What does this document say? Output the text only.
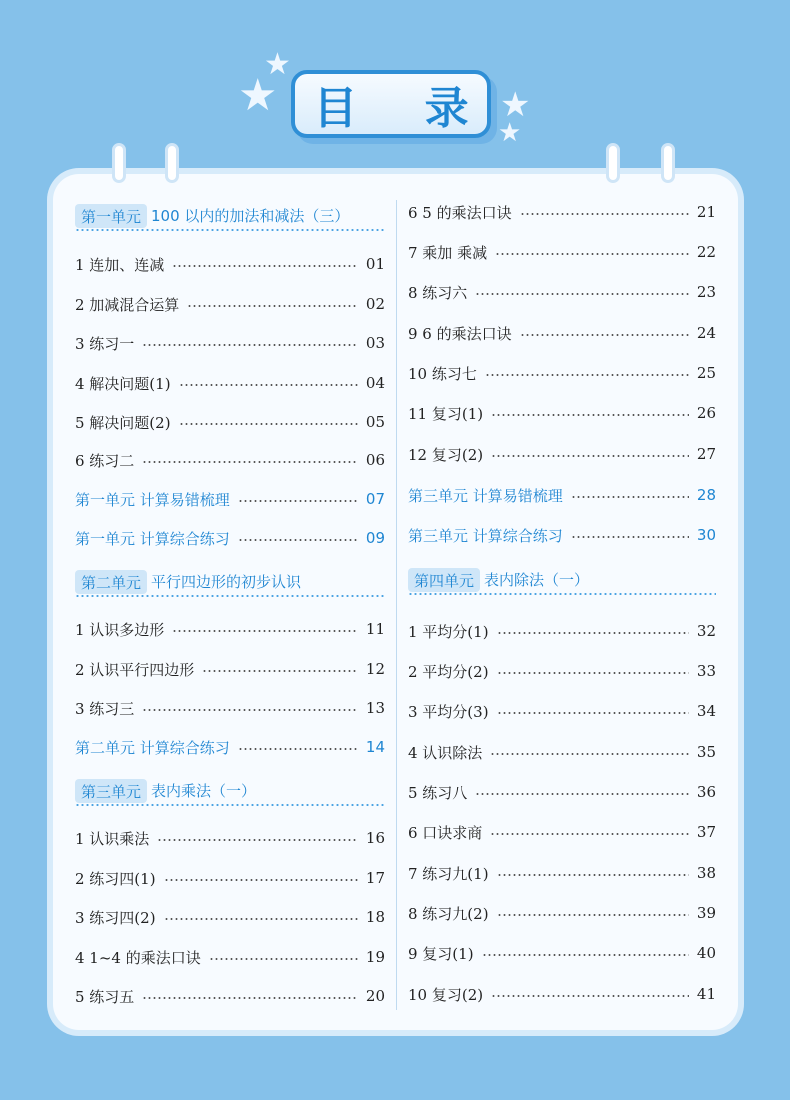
★
★
★
★
目 录
第一单元 100 以内的加法和减法（三）
1 连加、连减	01
2 加减混合运算	02
3 练习一	03
4 解决问题(1)	04
5 解决问题(2)	05
6 练习二	06
第一单元 计算易错梳理	07
第一单元 计算综合练习	09
第二单元 平行四边形的初步认识
1 认识多边形	11
2 认识平行四边形	12
3 练习三	13
第二单元 计算综合练习	14
第三单元 表内乘法（一）
1 认识乘法	16
2 练习四(1)	17
3 练习四(2)	18
4 1~4 的乘法口诀	19
5 练习五	20
6 5 的乘法口诀	21
7 乘加 乘减	22
8 练习六	23
9 6 的乘法口诀	24
10 练习七	25
11 复习(1)	26
12 复习(2)	27
第三单元 计算易错梳理	28
第三单元 计算综合练习	30
第四单元 表内除法（一）
1 平均分(1)	32
2 平均分(2)	33
3 平均分(3)	34
4 认识除法	35
5 练习八	36
6 口诀求商	37
7 练习九(1)	38
8 练习九(2)	39
9 复习(1)	40
10 复习(2)	41
